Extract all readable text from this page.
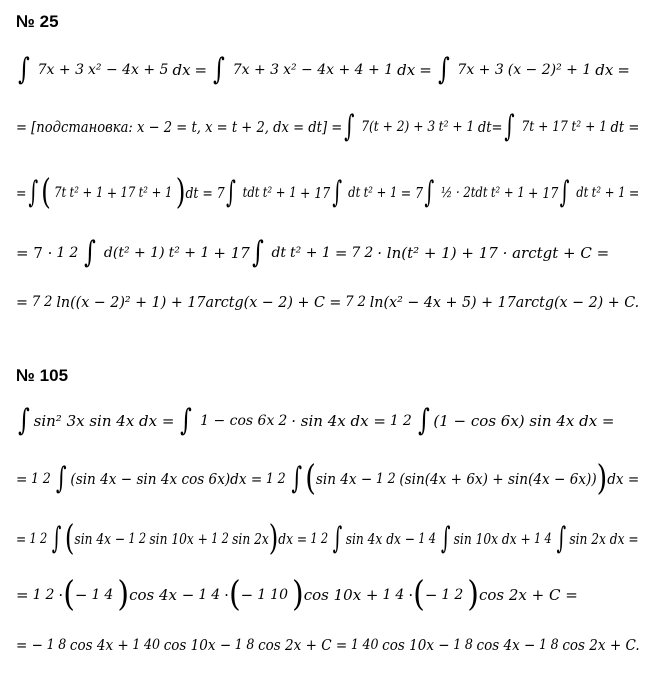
№ 25
∫ 7x + 3 x² − 4x + 5 dx = ∫ 7x + 3 x² − 4x + 4 + 1 dx = ∫ 7x + 3 (x − 2)² + 1 dx =
= [подстановка: x − 2 = t, x = t + 2, dx = dt] = ∫ 7(t + 2) + 3 t² + 1 dt = ∫ 7t + 17 t² + 1 dt =
= ∫ ( 7t t² + 1 + 17 t² + 1 ) dt = 7 ∫ tdt t² + 1 + 17 ∫ dt t² + 1 = 7 ∫ ½ · 2tdt t² + 1 + 17 ∫ dt t² + 1 =
= 7 · 1 2 ∫ d(t² + 1) t² + 1 + 17 ∫ dt t² + 1 = 7 2 · ln(t² + 1) + 17 · arctgt + C =
= 7 2 ln((x − 2)² + 1) + 17arctg(x − 2) + C = 7 2 ln(x² − 4x + 5) + 17arctg(x − 2) + C.
№ 105
∫ sin² 3x sin 4x dx = ∫ 1 − cos 6x 2 · sin 4x dx = 1 2 ∫ (1 − cos 6x) sin 4x dx =
= 1 2 ∫ (sin 4x − sin 4x cos 6x)dx = 1 2 ∫ ( sin 4x − 1 2 (sin(4x + 6x) + sin(4x − 6x)) ) dx =
= 1 2 ∫ ( sin 4x − 1 2 sin 10x + 1 2 sin 2x ) dx = 1 2 ∫ sin 4x dx − 1 4 ∫ sin 10x dx + 1 4 ∫ sin 2x dx =
= 1 2 · ( − 1 4 ) cos 4x − 1 4 · ( − 1 10 ) cos 10x + 1 4 · ( − 1 2 ) cos 2x + C =
= − 1 8 cos 4x + 1 40 cos 10x − 1 8 cos 2x + C = 1 40 cos 10x − 1 8 cos 4x − 1 8 cos 2x + C.
